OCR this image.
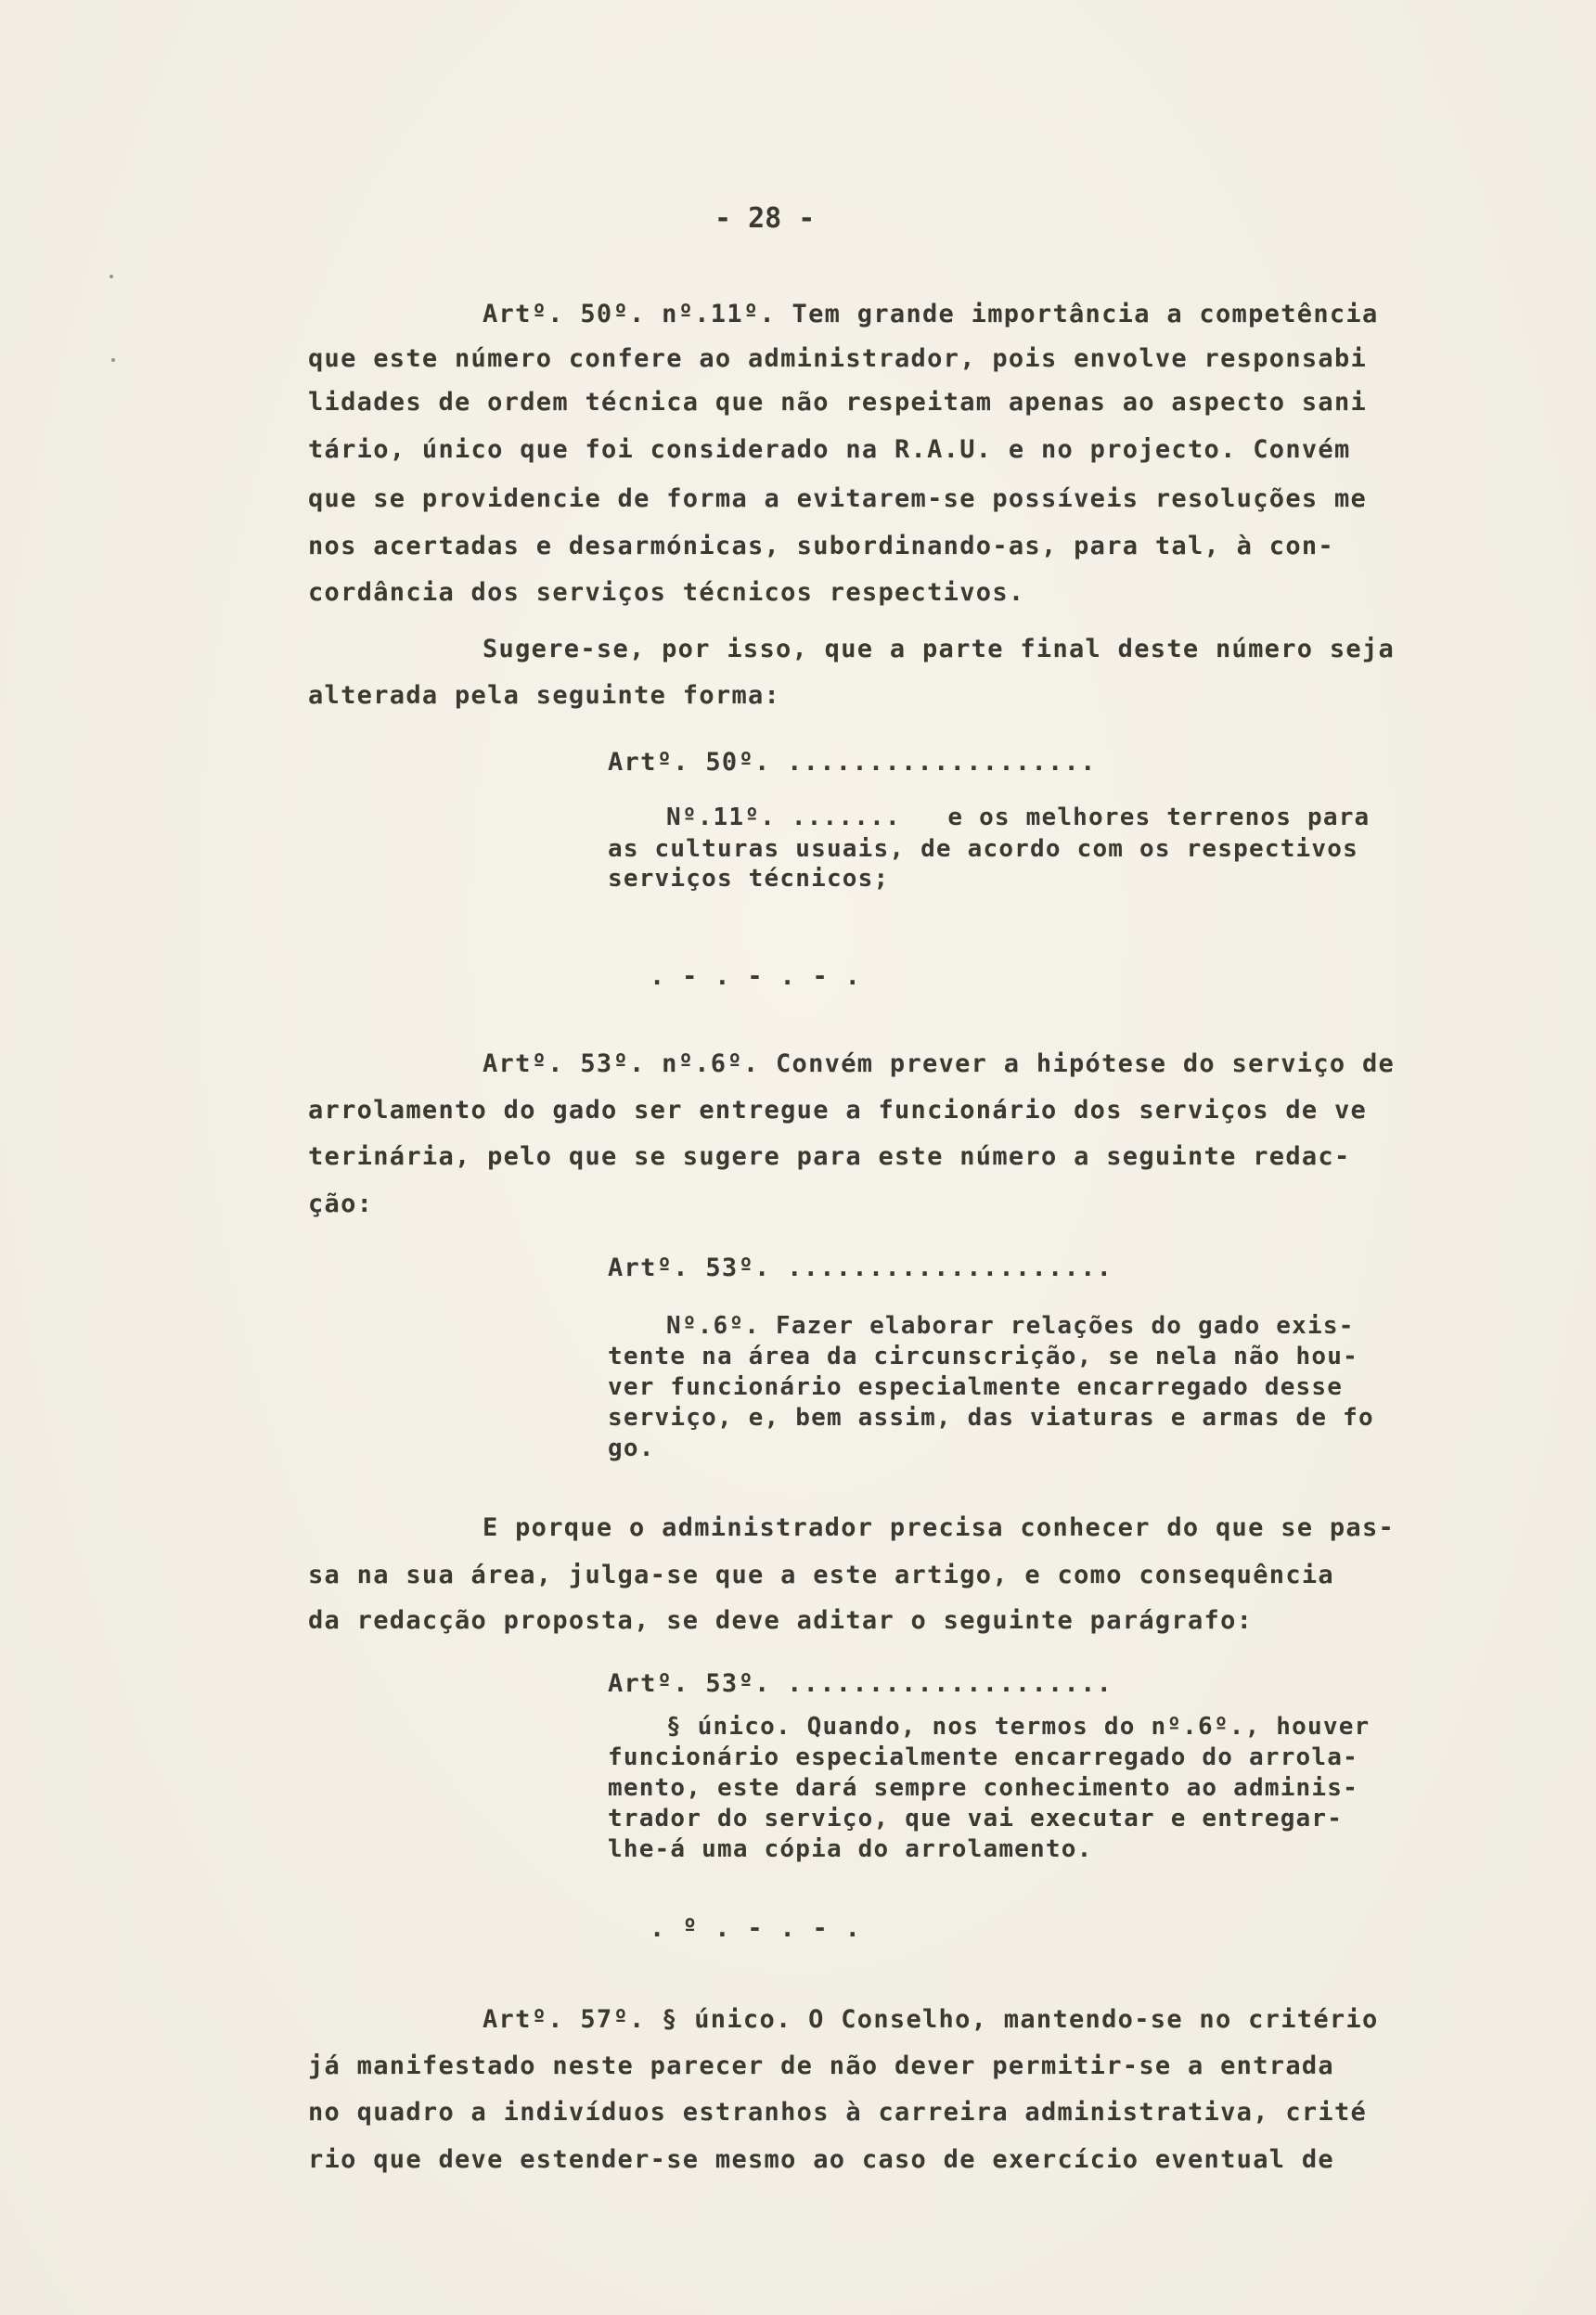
- 28 -
Artº. 50º. nº.11º. Tem grande importância a competência
que este número confere ao administrador, pois envolve responsabi
lidades de ordem técnica que não respeitam apenas ao aspecto sani
tário, único que foi considerado na R.A.U. e no projecto. Convém
que se providencie de forma a evitarem-se possíveis resoluções me
nos acertadas e desarmónicas, subordinando-as, para tal, à con-
cordância dos serviços técnicos respectivos.
Sugere-se, por isso, que a parte final deste número seja
alterada pela seguinte forma:
Artº. 50º. ...................
Nº.11º. .......   e os melhores terrenos para
as culturas usuais, de acordo com os respectivos
serviços técnicos;
. - . - . - .
Artº. 53º. nº.6º. Convém prever a hipótese do serviço de
arrolamento do gado ser entregue a funcionário dos serviços de ve
terinária, pelo que se sugere para este número a seguinte redac-
ção:
Artº. 53º. ....................
Nº.6º. Fazer elaborar relações do gado exis-
tente na área da circunscrição, se nela não hou-
ver funcionário especialmente encarregado desse
serviço, e, bem assim, das viaturas e armas de fo
go.
E porque o administrador precisa conhecer do que se pas-
sa na sua área, julga-se que a este artigo, e como consequência
da redacção proposta, se deve aditar o seguinte parágrafo:
Artº. 53º. ....................
§ único. Quando, nos termos do nº.6º., houver
funcionário especialmente encarregado do arrola-
mento, este dará sempre conhecimento ao adminis-
trador do serviço, que vai executar e entregar-
lhe-á uma cópia do arrolamento.
. º . - . - .
Artº. 57º. § único. O Conselho, mantendo-se no critério
já manifestado neste parecer de não dever permitir-se a entrada
no quadro a indivíduos estranhos à carreira administrativa, crité
rio que deve estender-se mesmo ao caso de exercício eventual de
